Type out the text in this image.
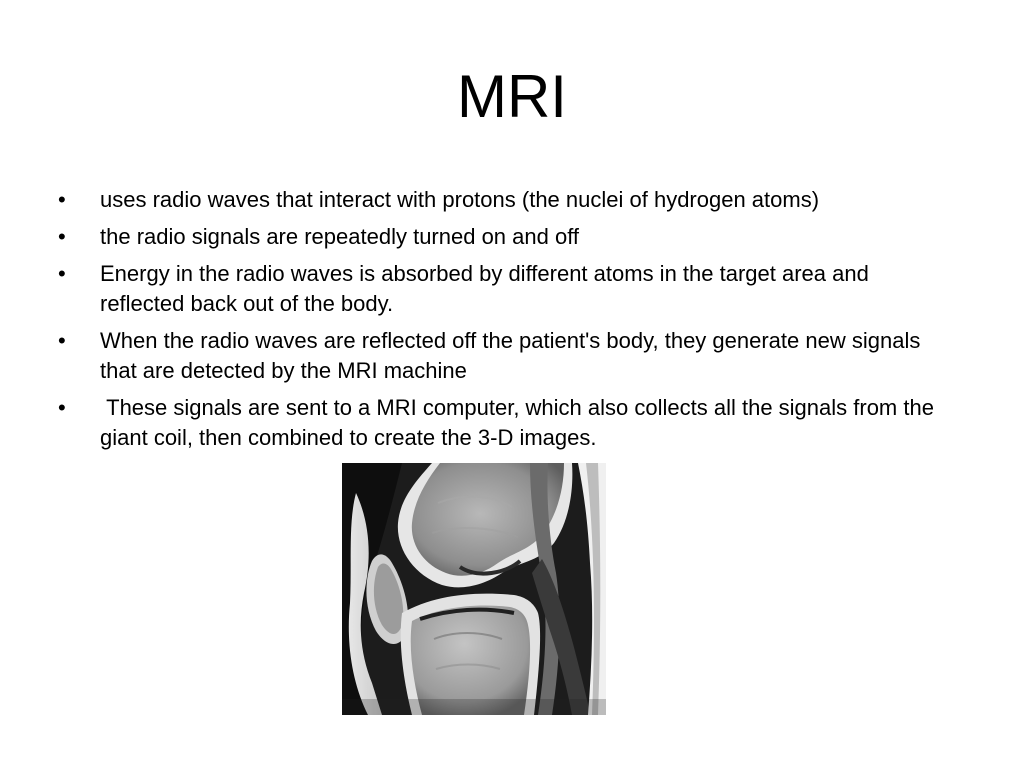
MRI
•	uses radio waves that interact with protons (the nuclei of hydrogen atoms)
•	the radio signals are repeatedly turned on and off
•	Energy in the radio waves is absorbed by different atoms in the target area and reflected back out of the body.
•	When the radio waves are reflected off the patient's body, they generate new signals that are detected by the MRI machine
•	These signals are sent to a MRI computer, which also collects all the signals from the giant coil, then combined to create the 3-D images.
